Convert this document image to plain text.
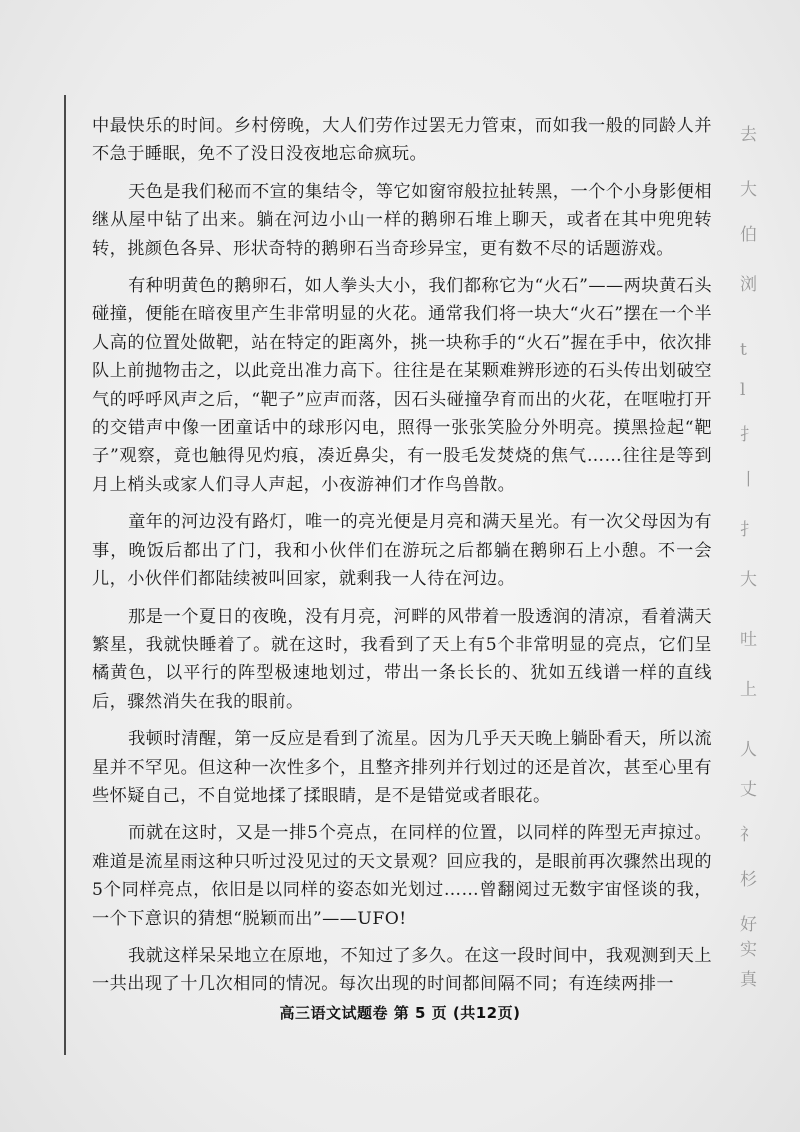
中最快乐的时间。乡村傍晚，大人们劳作过罢无力管束，而如我一般的同龄人并不急于睡眠，免不了没日没夜地忘命疯玩。

天色是我们秘而不宣的集结令，等它如窗帘般拉扯转黑，一个个小身影便相继从屋中钻了出来。躺在河边小山一样的鹅卵石堆上聊天，或者在其中兜兜转转，挑颜色各异、形状奇特的鹅卵石当奇珍异宝，更有数不尽的话题游戏。

有种明黄色的鹅卵石，如人拳头大小，我们都称它为“火石”——两块黄石头碰撞，便能在暗夜里产生非常明显的火花。通常我们将一块大“火石”摆在一个半人高的位置处做靶，站在特定的距离外，挑一块称手的“火石”握在手中，依次排队上前抛物击之，以此竞出准力高下。往往是在某颗难辨形迹的石头传出划破空气的呼呼风声之后，“靶子”应声而落，因石头碰撞孕育而出的火花，在哐啦打开的交错声中像一团童话中的球形闪电，照得一张张笑脸分外明亮。摸黑捡起“靶子”观察，竟也触得见灼痕，凑近鼻尖，有一股毛发焚烧的焦气……往往是等到月上梢头或家人们寻人声起，小夜游神们才作鸟兽散。

童年的河边没有路灯，唯一的亮光便是月亮和满天星光。有一次父母因为有事，晚饭后都出了门，我和小伙伴们在游玩之后都躺在鹅卵石上小憩。不一会儿，小伙伴们都陆续被叫回家，就剩我一人待在河边。

那是一个夏日的夜晚，没有月亮，河畔的风带着一股透润的清凉，看着满天繁星，我就快睡着了。就在这时，我看到了天上有5个非常明显的亮点，它们呈橘黄色，以平行的阵型极速地划过，带出一条长长的、犹如五线谱一样的直线后，骤然消失在我的眼前。

我顿时清醒，第一反应是看到了流星。因为几乎天天晚上躺卧看天，所以流星并不罕见。但这种一次性多个，且整齐排列并行划过的还是首次，甚至心里有些怀疑自己，不自觉地揉了揉眼睛，是不是错觉或者眼花。

而就在这时，又是一排5个亮点，在同样的位置，以同样的阵型无声掠过。难道是流星雨这种只听过没见过的天文景观？回应我的，是眼前再次骤然出现的5个同样亮点，依旧是以同样的姿态如光划过……曾翻阅过无数宇宙怪谈的我，一个下意识的猜想“脱颖而出”——UFO!

我就这样呆呆地立在原地，不知过了多久。在这一段时间中，我观测到天上一共出现了十几次相同的情况。每次出现的时间都间隔不同；有连续两排一

去
大
伯
浏
t
l
扌
丨
扌
大
吐
上
人
丈
礻
杉
好
实
真
高三语文试题卷 第 5 页 (共12页)
